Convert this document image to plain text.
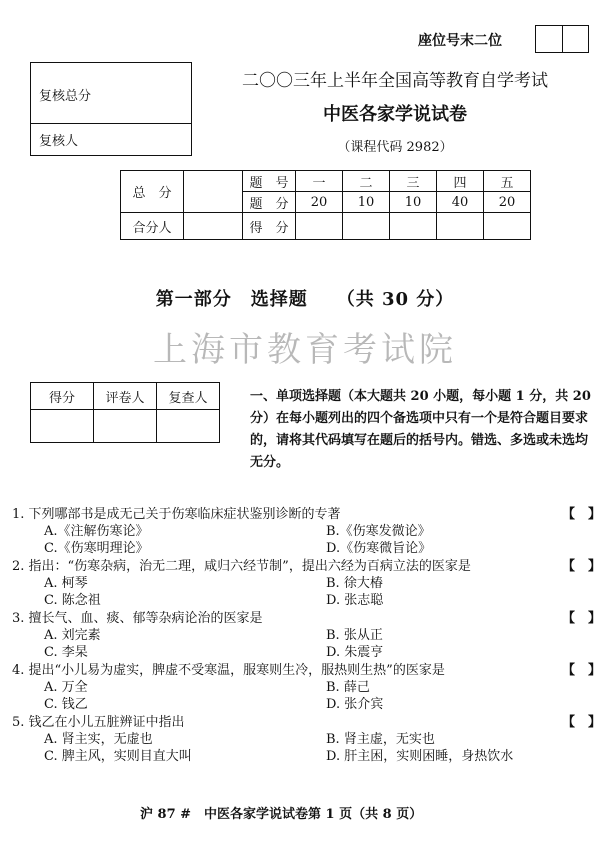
座位号末二位
复核总分
复核人
二〇〇三年上半年全国高等教育自学考试
中医各家学说试卷
（课程代码 2982）
总　分		题　号	一	二	三	四	五
		题　分	20	10	10	40	20
合分人		得　分					
第一部分　选择题　　（共 30 分）
上海市教育考试院
得分	评卷人	复查人
			一、单项选择题（本大题共 20 小题，每小题 1 分，共 20 分）在每小题列出的四个备选项中只有一个是符合题目要求的，请将其代码填写在题后的括号内。错选、多选或未选均无分。
1. 下列哪部书是成无己关于伤寒临床症状鉴别诊断的专著	【　】
A.《注解伤寒论》	B.《伤寒发微论》
C.《伤寒明理论》	D.《伤寒微旨论》
2. 指出：“伤寒杂病，治无二理，咸归六经节制”，提出六经为百病立法的医家是	【　】
A. 柯琴	B. 徐大椿
C. 陈念祖	D. 张志聪
3. 擅长气、血、痰、郁等杂病论治的医家是	【　】
A. 刘完素	B. 张从正
C. 李杲	D. 朱震亨
4. 提出“小儿易为虚实，脾虚不受寒温，服寒则生冷，服热则生热”的医家是	【　】
A. 万全	B. 薛己
C. 钱乙	D. 张介宾
5. 钱乙在小儿五脏辨证中指出	【　】
A. 肾主实，无虚也	B. 肾主虚，无实也
C. 脾主风，实则目直大叫	D. 肝主困，实则困睡，身热饮水
沪 87 #　中医各家学说试卷第 1 页（共 8 页）
